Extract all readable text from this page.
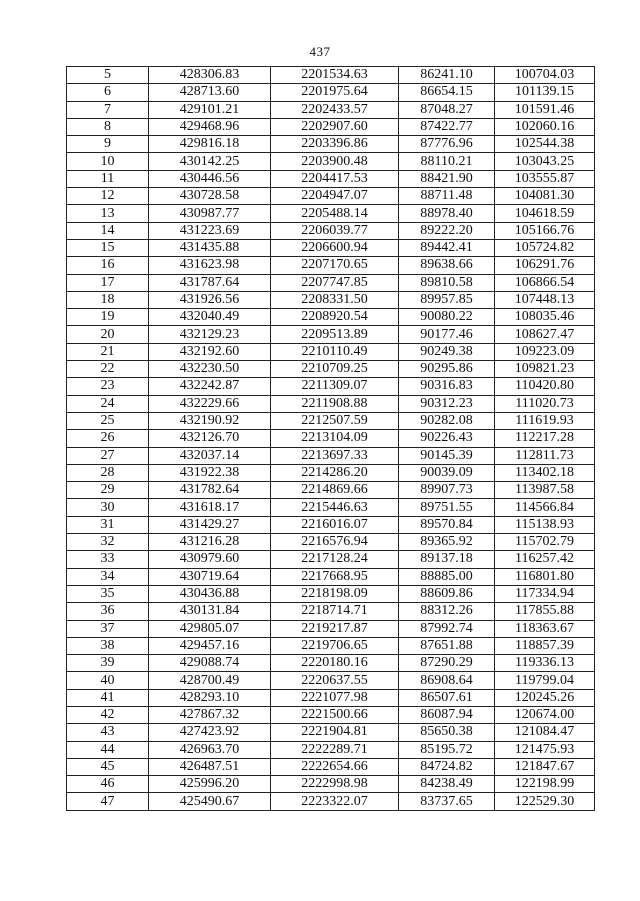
437
5	428306.83	2201534.63	86241.10	100704.03
6	428713.60	2201975.64	86654.15	101139.15
7	429101.21	2202433.57	87048.27	101591.46
8	429468.96	2202907.60	87422.77	102060.16
9	429816.18	2203396.86	87776.96	102544.38
10	430142.25	2203900.48	88110.21	103043.25
11	430446.56	2204417.53	88421.90	103555.87
12	430728.58	2204947.07	88711.48	104081.30
13	430987.77	2205488.14	88978.40	104618.59
14	431223.69	2206039.77	89222.20	105166.76
15	431435.88	2206600.94	89442.41	105724.82
16	431623.98	2207170.65	89638.66	106291.76
17	431787.64	2207747.85	89810.58	106866.54
18	431926.56	2208331.50	89957.85	107448.13
19	432040.49	2208920.54	90080.22	108035.46
20	432129.23	2209513.89	90177.46	108627.47
21	432192.60	2210110.49	90249.38	109223.09
22	432230.50	2210709.25	90295.86	109821.23
23	432242.87	2211309.07	90316.83	110420.80
24	432229.66	2211908.88	90312.23	111020.73
25	432190.92	2212507.59	90282.08	111619.93
26	432126.70	2213104.09	90226.43	112217.28
27	432037.14	2213697.33	90145.39	112811.73
28	431922.38	2214286.20	90039.09	113402.18
29	431782.64	2214869.66	89907.73	113987.58
30	431618.17	2215446.63	89751.55	114566.84
31	431429.27	2216016.07	89570.84	115138.93
32	431216.28	2216576.94	89365.92	115702.79
33	430979.60	2217128.24	89137.18	116257.42
34	430719.64	2217668.95	88885.00	116801.80
35	430436.88	2218198.09	88609.86	117334.94
36	430131.84	2218714.71	88312.26	117855.88
37	429805.07	2219217.87	87992.74	118363.67
38	429457.16	2219706.65	87651.88	118857.39
39	429088.74	2220180.16	87290.29	119336.13
40	428700.49	2220637.55	86908.64	119799.04
41	428293.10	2221077.98	86507.61	120245.26
42	427867.32	2221500.66	86087.94	120674.00
43	427423.92	2221904.81	85650.38	121084.47
44	426963.70	2222289.71	85195.72	121475.93
45	426487.51	2222654.66	84724.82	121847.67
46	425996.20	2222998.98	84238.49	122198.99
47	425490.67	2223322.07	83737.65	122529.30
